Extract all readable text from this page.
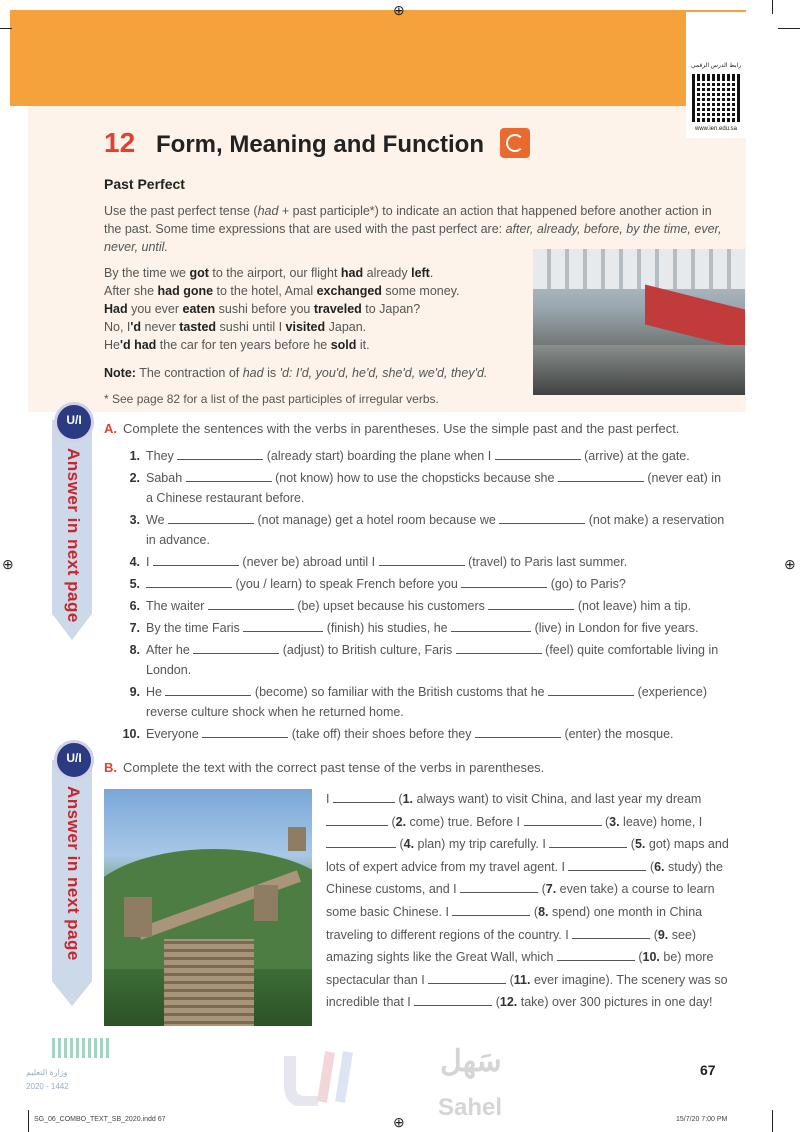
⊕
⊕	⊕
⊕
رابط الدرس الرقمي
www.ien.edu.sa
12 Form, Meaning and Function
Past Perfect
Use the past perfect tense (had + past participle*) to indicate an action that happened before another action in the past. Some time expressions that are used with the past perfect are: after, already, before, by the time, ever, never, until.
By the time we got to the airport, our flight had already left.
After she had gone to the hotel, Amal exchanged some money.
Had you ever eaten sushi before you traveled to Japan?
No, I'd never tasted sushi until I visited Japan.
He'd had the car for ten years before he sold it.
Note: The contraction of had is 'd: I'd, you'd, he'd, she'd, we'd, they'd.
* See page 82 for a list of the past participles of irregular verbs.
U/I
Answer in next page
U/I
Answer in next page
A. Complete the sentences with the verbs in parentheses. Use the simple past and the past perfect.
1. They	(already start) boarding the plane when I	(arrive) at the gate.
2. Sabah	(not know) how to use the chopsticks because she	(never eat) in a Chinese restaurant before.
3. We	(not manage) get a hotel room because we	(not make) a reservation in advance.
4. I	(never be) abroad until I	(travel) to Paris last summer.
5.	(you / learn) to speak French before you	(go) to Paris?
6. The waiter	(be) upset because his customers	(not leave) him a tip.
7. By the time Faris	(finish) his studies, he	(live) in London for five years.
8. After he	(adjust) to British culture, Faris	(feel) quite comfortable living in London.
9. He	(become) so familiar with the British customs that he	(experience) reverse culture shock when he returned home.
10. Everyone	(take off) their shoes before they	(enter) the mosque.
B. Complete the text with the correct past tense of the verbs in parentheses.
I	(1. always want) to visit China, and last year my dream  (2. come) true. Before I	(3. leave) home, I  (4. plan) my trip carefully. I	(5. got) maps and lots of expert advice from my travel agent. I	(6. study) the Chinese customs, and I	(7. even take) a course to learn some basic Chinese. I	(8. spend) one month in China traveling to different regions of the country. I	(9. see) amazing sights like the Great Wall, which	(10. be) more spectacular than I	(11. ever imagine). The scenery was so incredible that I	(12. take) over 300 pictures in one day!
وزارة التعليم
2020 - 1442
سَهل
Sahel
67
SG_06_COMBO_TEXT_SB_2020.indd 67	15/7/20 7:00 PM
